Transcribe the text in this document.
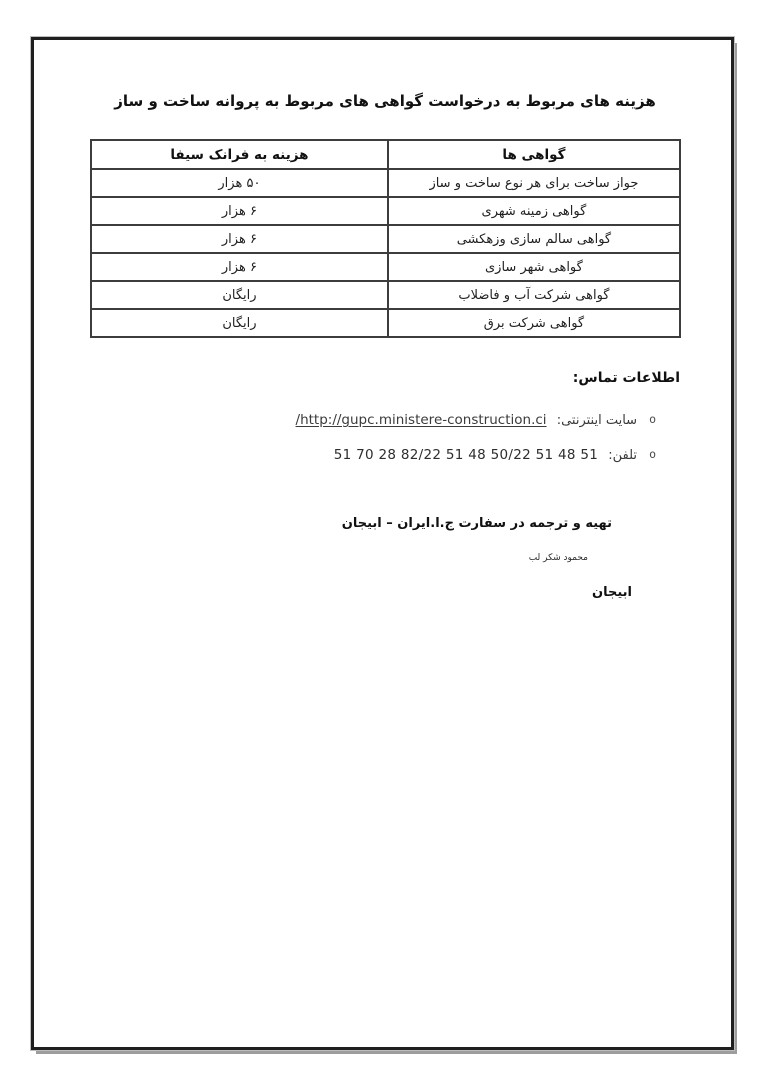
هزینه های مربوط به درخواست گواهی های مربوط به پروانه ساخت و ساز
گواهی ها	هزینه به فرانک سیفا
جواز ساخت برای هر نوع ساخت و ساز	۵۰ هزار
گواهی زمینه شهری	۶ هزار
گواهی سالم سازی وزهکشی	۶ هزار
گواهی شهر سازی	۶ هزار
گواهی شرکت آب و فاضلاب	رایگان
گواهی شرکت برق	رایگان
اطلاعات تماس:
oسایت اینترنتی: /http://gupc.ministere-construction.ci
oتلفن: 51 70 28 82/22 51 48 50/22 51 48 51
تهیه و ترجمه در سفارت ج.ا.ایران – ابیجان
محمود شکر لب
ابیجان
